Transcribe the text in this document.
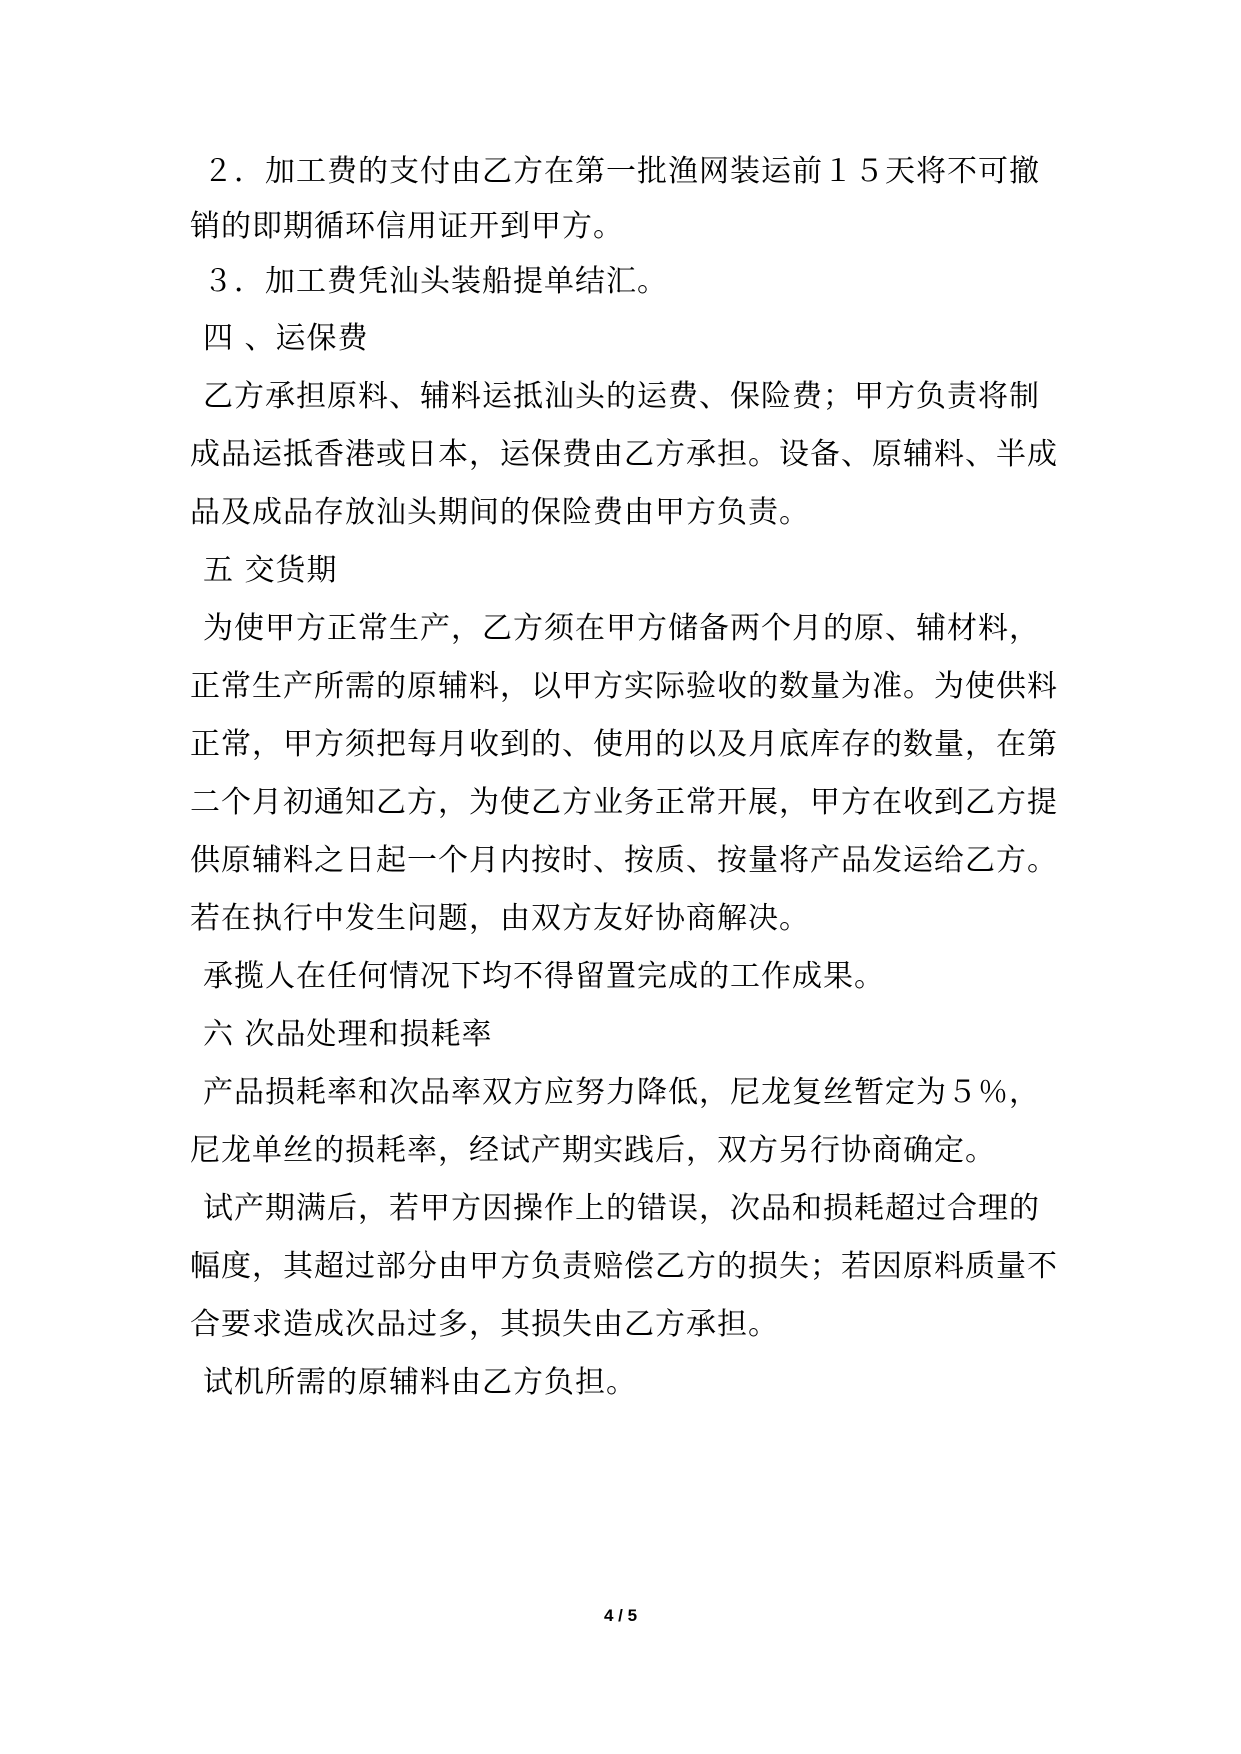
２．加工费的支付由乙方在第一批渔网装运前１５天将不可撤
销的即期循环信用证开到甲方。
３．加工费凭汕头装船提单结汇。
四 、运保费
乙方承担原料、辅料运抵汕头的运费、保险费；甲方负责将制
成品运抵香港或日本，运保费由乙方承担。设备、原辅料、半成
品及成品存放汕头期间的保险费由甲方负责。
五 交货期
为使甲方正常生产，乙方须在甲方储备两个月的原、辅材料，
正常生产所需的原辅料，以甲方实际验收的数量为准。为使供料
正常，甲方须把每月收到的、使用的以及月底库存的数量，在第
二个月初通知乙方，为使乙方业务正常开展，甲方在收到乙方提
供原辅料之日起一个月内按时、按质、按量将产品发运给乙方。
若在执行中发生问题，由双方友好协商解决。
承揽人在任何情况下均不得留置完成的工作成果。
六 次品处理和损耗率
产品损耗率和次品率双方应努力降低，尼龙复丝暂定为５％，
尼龙单丝的损耗率，经试产期实践后，双方另行协商确定。
试产期满后，若甲方因操作上的错误，次品和损耗超过合理的
幅度，其超过部分由甲方负责赔偿乙方的损失；若因原料质量不
合要求造成次品过多，其损失由乙方承担。
试机所需的原辅料由乙方负担。
4 / 5
